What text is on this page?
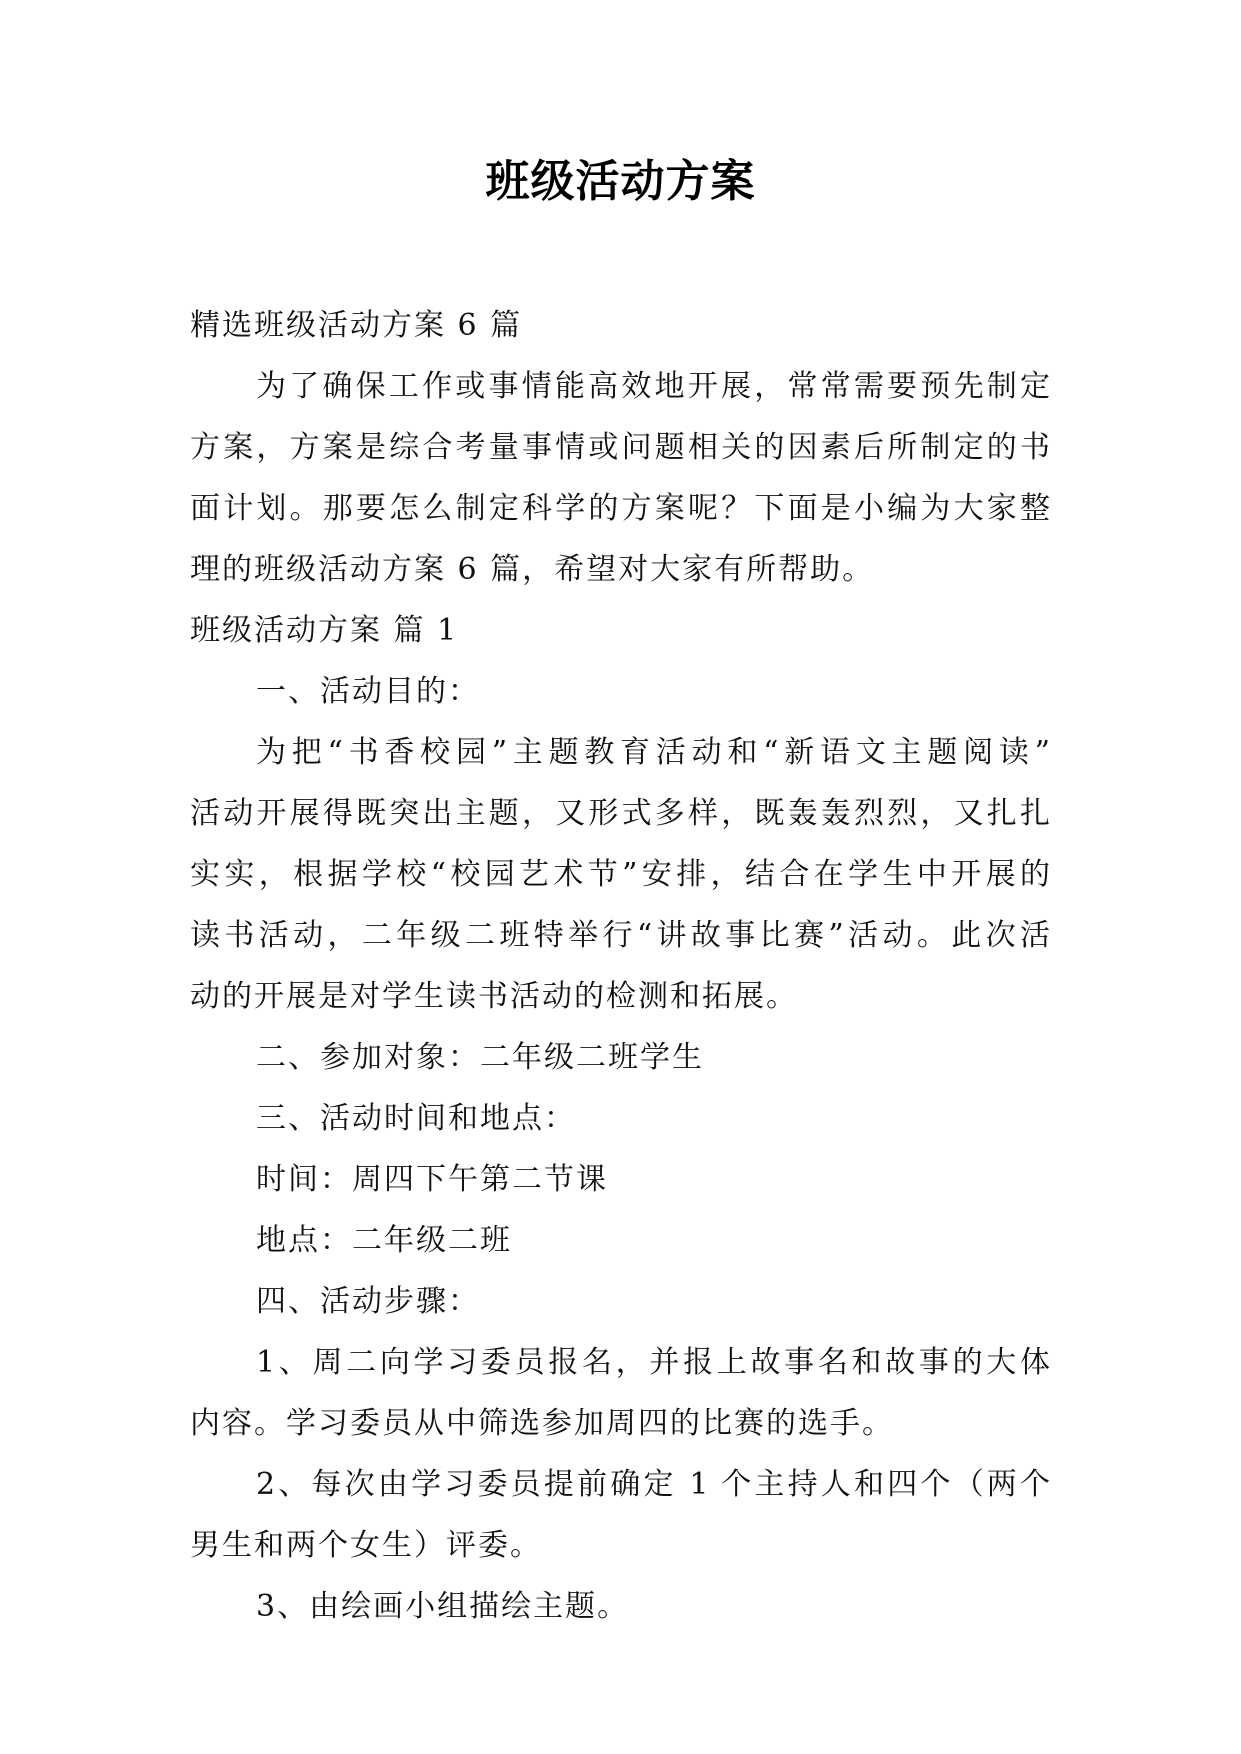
班级活动方案
精选班级活动方案 6 篇
为了确保工作或事情能高效地开展，常常需要预先制定
方案，方案是综合考量事情或问题相关的因素后所制定的书
面计划。那要怎么制定科学的方案呢？下面是小编为大家整
理的班级活动方案 6 篇，希望对大家有所帮助。
班级活动方案 篇 1
一、活动目的：
为把“书香校园”主题教育活动和“新语文主题阅读”
活动开展得既突出主题，又形式多样，既轰轰烈烈，又扎扎
实实，根据学校“校园艺术节”安排，结合在学生中开展的
读书活动，二年级二班特举行“讲故事比赛”活动。此次活
动的开展是对学生读书活动的检测和拓展。
二、参加对象：二年级二班学生
三、活动时间和地点：
时间：周四下午第二节课
地点：二年级二班
四、活动步骤：
1、周二向学习委员报名，并报上故事名和故事的大体
内容。学习委员从中筛选参加周四的比赛的选手。
2、每次由学习委员提前确定 1 个主持人和四个（两个
男生和两个女生）评委。
3、由绘画小组描绘主题。
